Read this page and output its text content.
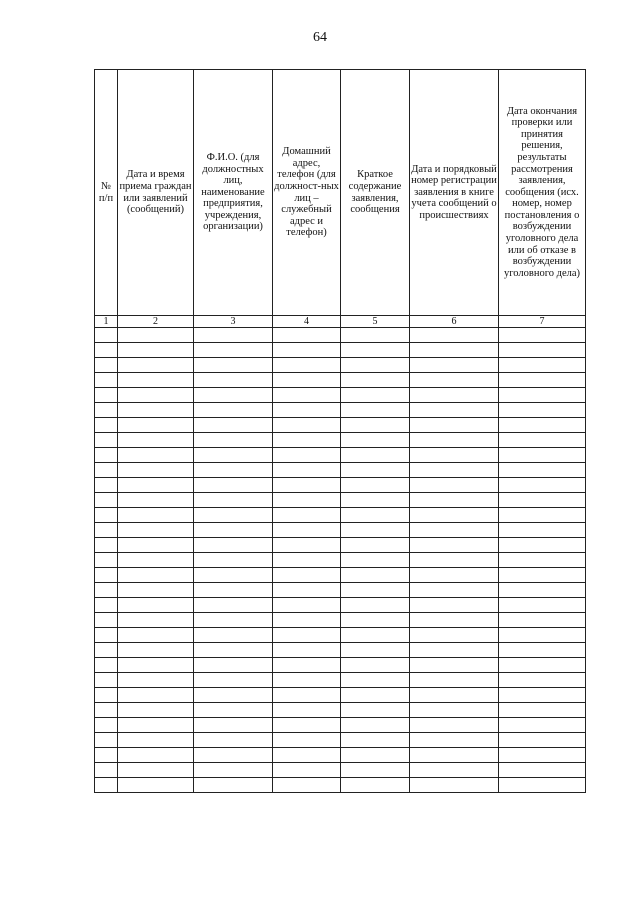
64
№ п/п	Дата и время приема граждан или заявлений (сообщений)	Ф.И.О. (для должностных лиц, наименование предприятия, учреждения, организации)	Домашний адрес, телефон (для должност-ных лиц – служебный адрес и телефон)	Краткое содержание заявления, сообщения	Дата и порядковый номер регистрации заявления в книге учета сообщений о происшествиях	Дата окончания проверки или принятия решения, результаты рассмотрения заявления, сообщения (исх. номер, номер постановления о возбуждении уголовного дела или об отказе в возбуждении уголовного дела)
1	2	3	4	5	6	7
